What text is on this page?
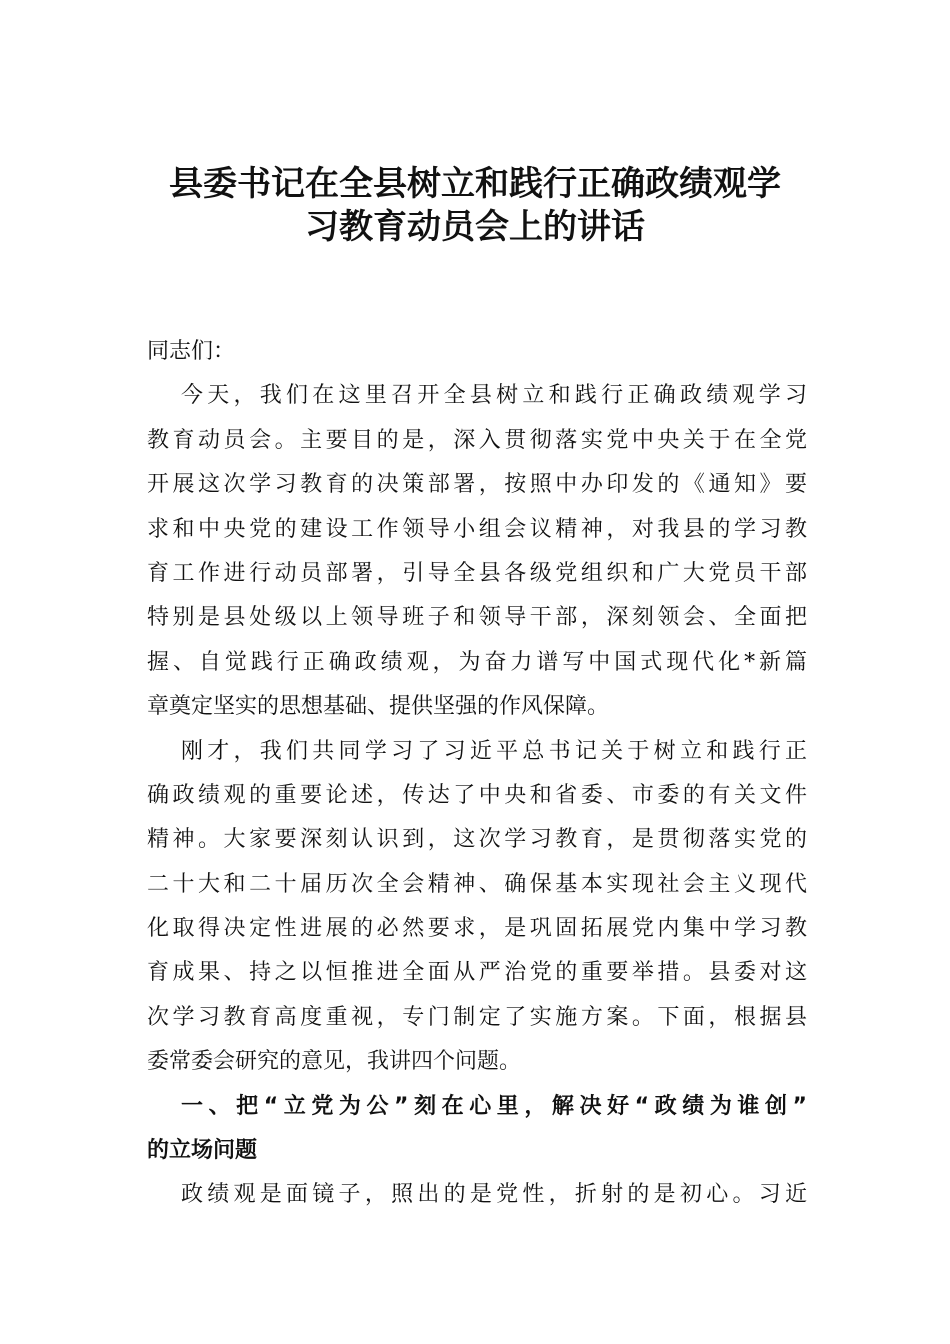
县委书记在全县树立和践行正确政绩观学
习教育动员会上的讲话
同志们：
今天，我们在这里召开全县树立和践行正确政绩观学习
教育动员会。主要目的是，深入贯彻落实党中央关于在全党
开展这次学习教育的决策部署，按照中办印发的《通知》要
求和中央党的建设工作领导小组会议精神，对我县的学习教
育工作进行动员部署，引导全县各级党组织和广大党员干部
特别是县处级以上领导班子和领导干部，深刻领会、全面把
握、自觉践行正确政绩观，为奋力谱写中国式现代化*新篇
章奠定坚实的思想基础、提供坚强的作风保障。
刚才，我们共同学习了习近平总书记关于树立和践行正
确政绩观的重要论述，传达了中央和省委、市委的有关文件
精神。大家要深刻认识到，这次学习教育，是贯彻落实党的
二十大和二十届历次全会精神、确保基本实现社会主义现代
化取得决定性进展的必然要求，是巩固拓展党内集中学习教
育成果、持之以恒推进全面从严治党的重要举措。县委对这
次学习教育高度重视，专门制定了实施方案。下面，根据县
委常委会研究的意见，我讲四个问题。
一、把“立党为公”刻在心里，解决好“政绩为谁创”
的立场问题
政绩观是面镜子，照出的是党性，折射的是初心。习近
